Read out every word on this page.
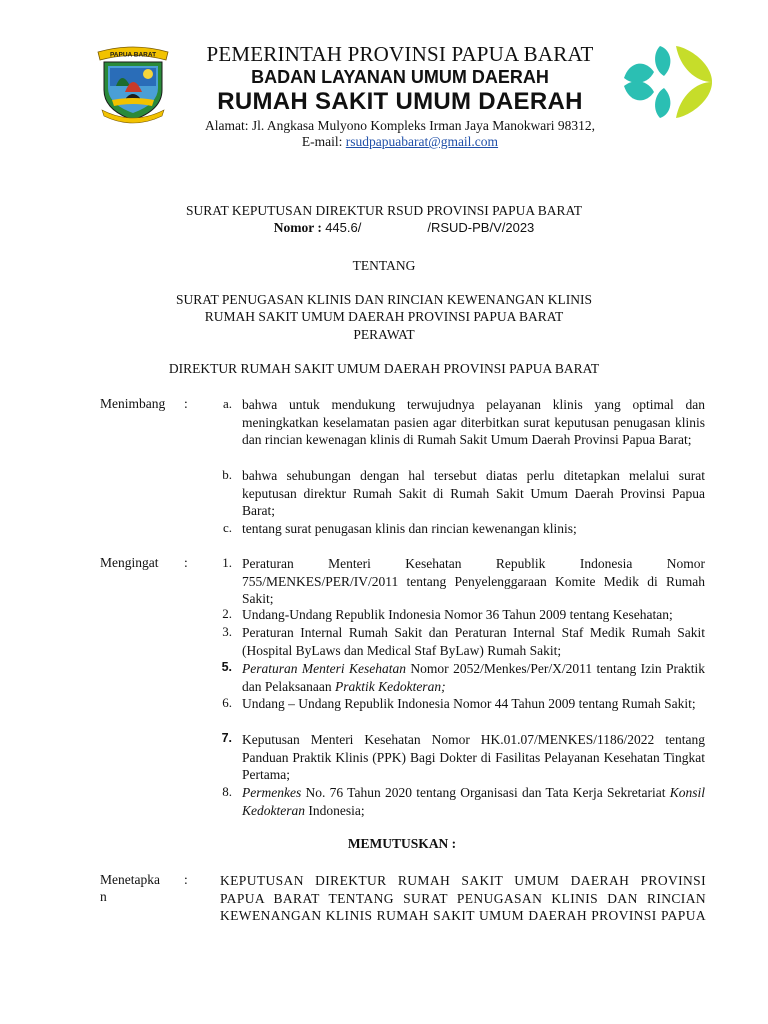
PAPUA BARAT	PEMERINTAH PROVINSI PAPUA BARAT
BADAN LAYANAN UMUM DAERAH
RUMAH SAKIT UMUM DAERAH
Alamat: Jl. Angkasa Mulyono Kompleks Irman Jaya Manokwari 98312,
E-mail: rsudpapuabarat@gmail.com
SURAT KEPUTUSAN DIREKTUR RSUD PROVINSI PAPUA BARAT
Nomor : 445.6/	/RSUD-PB/V/2023
TENTANG
SURAT PENUGASAN KLINIS DAN RINCIAN KEWENANGAN KLINIS
RUMAH SAKIT UMUM DAERAH PROVINSI PAPUA BARAT
PERAWAT
DIREKTUR RUMAH SAKIT UMUM DAERAH PROVINSI PAPUA BARAT
Menimbang :	a. bahwa untuk mendukung terwujudnya pelayanan klinis yang optimal dan meningkatkan keselamatan pasien agar diterbitkan surat keputusan penugasan klinis dan rincian kewenagan klinis di Rumah Sakit Umum Daerah Provinsi Papua Barat;
b. bahwa sehubungan dengan hal tersebut diatas perlu ditetapkan melalui surat keputusan direktur Rumah Sakit di Rumah Sakit Umum Daerah Provinsi Papua Barat;
c. tentang surat penugasan klinis dan rincian kewenangan klinis;
Mengingat :	1. Peraturan Menteri Kesehatan Republik Indonesia Nomor 755/MENKES/PER/IV/2011 tentang Penyelenggaraan Komite Medik di Rumah Sakit;
2. Undang-Undang Republik Indonesia Nomor 36 Tahun 2009 tentang Kesehatan;
3. Peraturan Internal Rumah Sakit dan Peraturan Internal Staf Medik Rumah Sakit (Hospital ByLaws dan Medical Staf ByLaw) Rumah Sakit;
5. Peraturan Menteri Kesehatan Nomor 2052/Menkes/Per/X/2011 tentang Izin Praktik dan Pelaksanaan Praktik Kedokteran;
6. Undang – Undang Republik Indonesia Nomor 44 Tahun 2009 tentang Rumah Sakit;
7. Keputusan Menteri Kesehatan Nomor HK.01.07/MENKES/1186/2022 tentang Panduan Praktik Klinis (PPK) Bagi Dokter di Fasilitas Pelayanan Kesehatan Tingkat Pertama;
8. Permenkes No. 76 Tahun 2020 tentang Organisasi dan Tata Kerja Sekretariat Konsil Kedokteran Indonesia;
MEMUTUSKAN :
Menetapka
n
: KEPUTUSAN DIREKTUR RUMAH SAKIT UMUM DAERAH PROVINSI PAPUA BARAT TENTANG SURAT PENUGASAN KLINIS DAN RINCIAN KEWENANGAN KLINIS RUMAH SAKIT UMUM DAERAH PROVINSI PAPUA
